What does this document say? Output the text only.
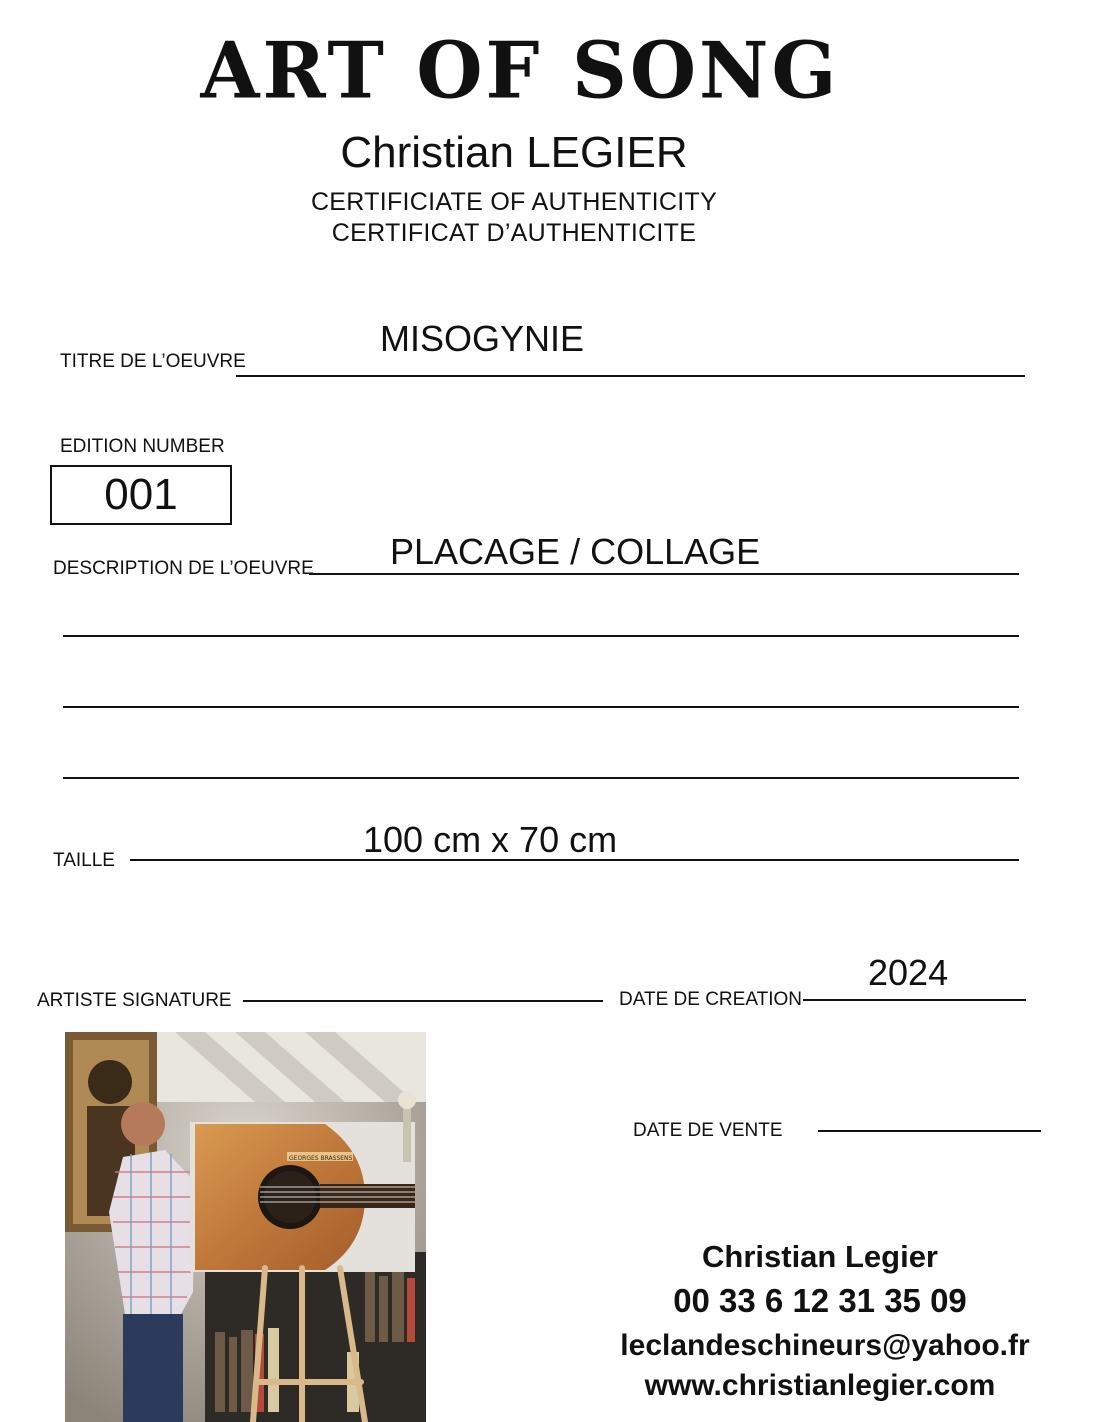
ART OF SONG
Christian LEGIER
CERTIFICIATE OF AUTHENTICITY
CERTIFICAT D’AUTHENTICITE
TITRE DE L’OEUVRE
MISOGYNIE
EDITION NUMBER
001
DESCRIPTION DE L’OEUVRE PLACAGE / COLLAGE
TAILLE
100 cm x 70 cm
ARTISTE SIGNATURE	DATE DE CREATION
2024
DATE DE VENTE
GEORGES BRASSENS
Christian Legier
00 33 6 12 31 35 09
leclandeschineurs@yahoo.fr
www.christianlegier.com
